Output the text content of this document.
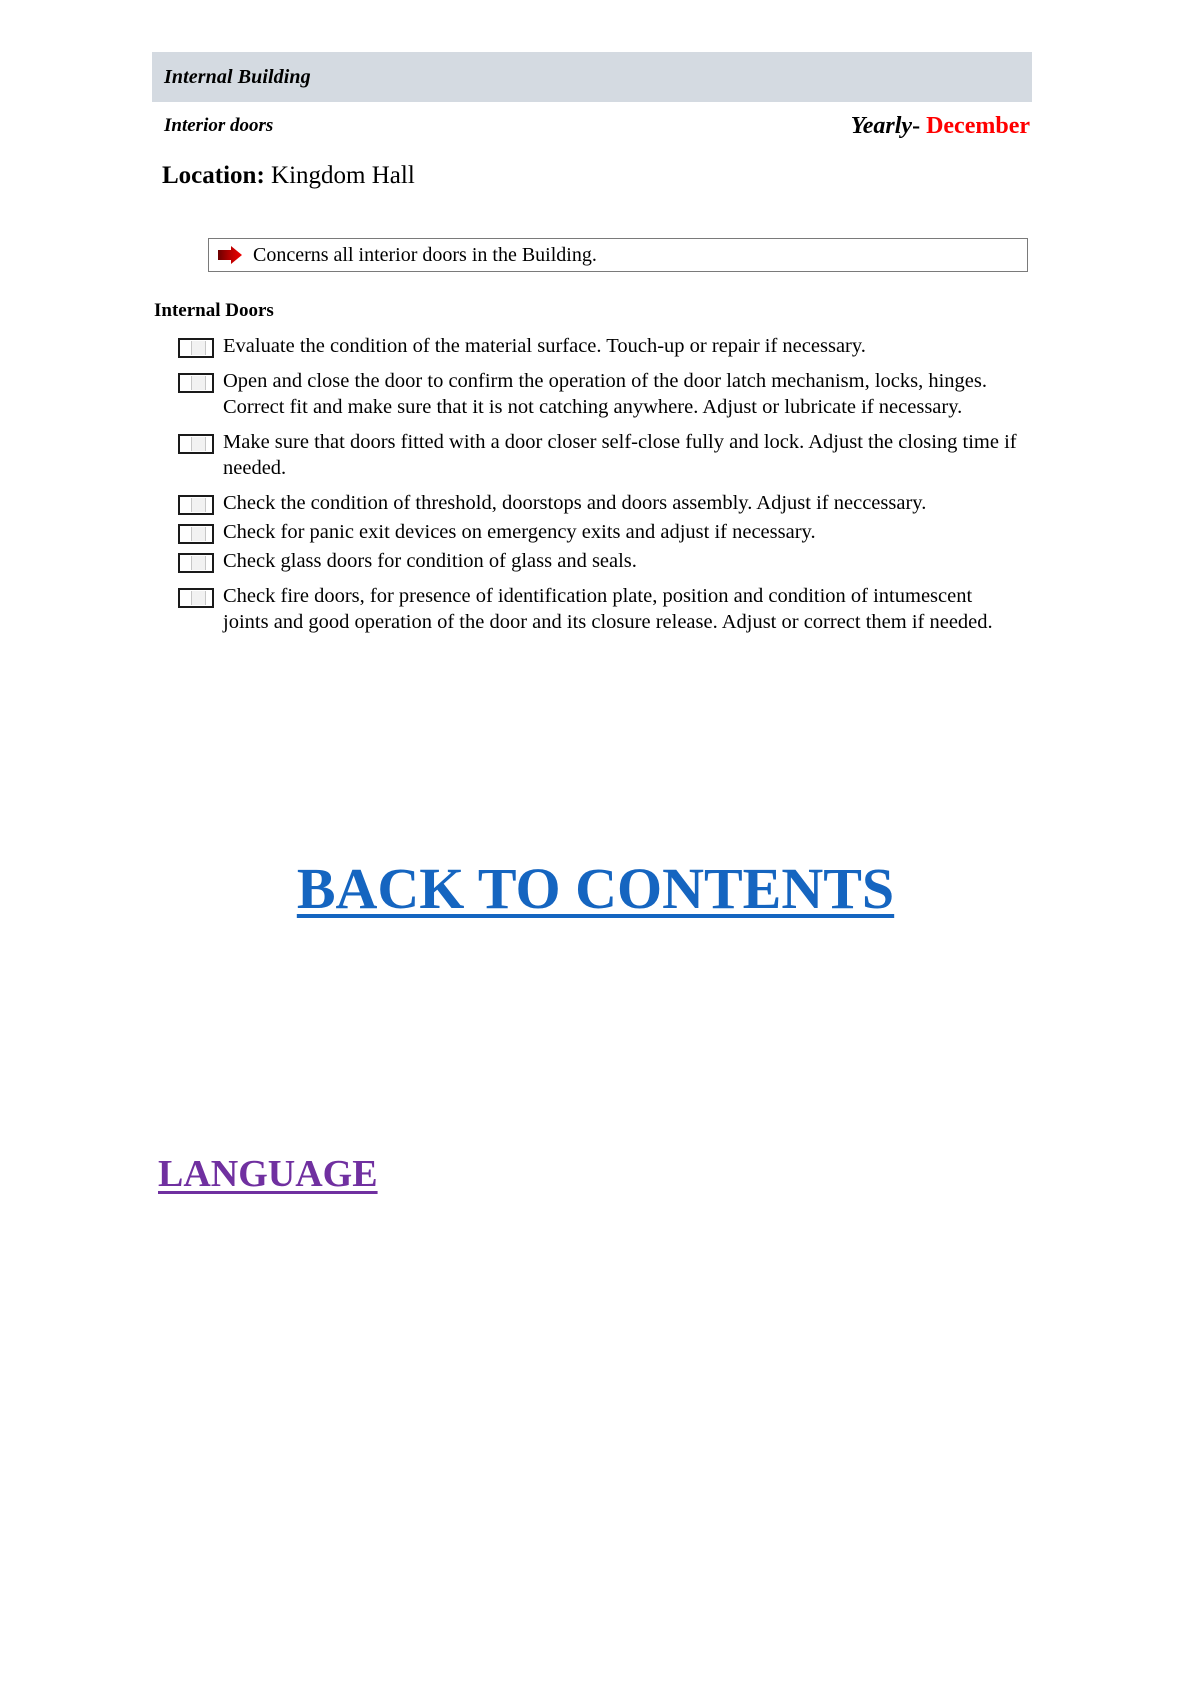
Internal Building
Interior doors	Yearly- December
Location: Kingdom Hall
Concerns all interior doors in the Building.
Internal Doors
Evaluate the condition of the material surface. Touch-up or repair if necessary.
Open and close the door to confirm the operation of the door latch mechanism, locks, hinges. Correct fit and make sure that it is not catching anywhere. Adjust or lubricate if necessary.
Make sure that doors fitted with a door closer self-close fully and lock. Adjust the closing time if needed.
Check the condition of threshold, doorstops and doors assembly. Adjust if neccessary.
Check for panic exit devices on emergency exits and adjust if necessary.
Check glass doors for condition of glass and seals.
Check fire doors, for presence of identification plate, position and condition of intumescent joints and good operation of the door and its closure release. Adjust or correct them if needed.
BACK TO CONTENTS
LANGUAGE
